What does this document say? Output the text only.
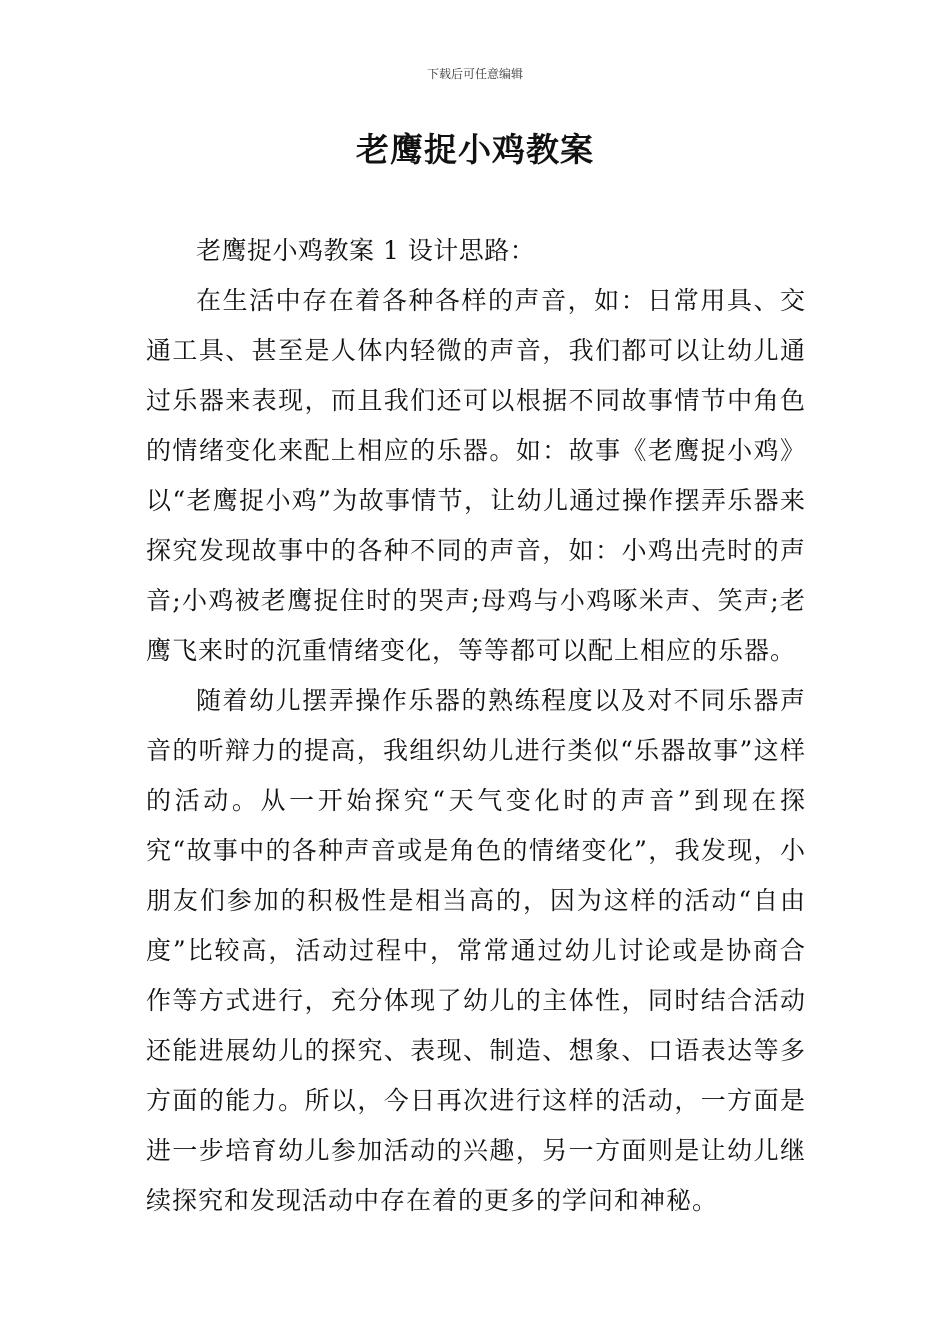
下载后可任意编辑
老鹰捉小鸡教案

老鹰捉小鸡教案 1 设计思路：

在生活中存在着各种各样的声音，如：日常用具、交通工具、甚至是人体内轻微的声音，我们都可以让幼儿通过乐器来表现，而且我们还可以根据不同故事情节中角色的情绪变化来配上相应的乐器。如：故事《老鹰捉小鸡》以“老鹰捉小鸡”为故事情节，让幼儿通过操作摆弄乐器来探究发现故事中的各种不同的声音，如：小鸡出壳时的声音;小鸡被老鹰捉住时的哭声;母鸡与小鸡啄米声、笑声;老鹰飞来时的沉重情绪变化，等等都可以配上相应的乐器。

随着幼儿摆弄操作乐器的熟练程度以及对不同乐器声音的听辩力的提高，我组织幼儿进行类似“乐器故事”这样的活动。从一开始探究“天气变化时的声音”到现在探究“故事中的各种声音或是角色的情绪变化”，我发现，小朋友们参加的积极性是相当高的，因为这样的活动“自由度”比较高，活动过程中，常常通过幼儿讨论或是协商合作等方式进行，充分体现了幼儿的主体性，同时结合活动还能进展幼儿的探究、表现、制造、想象、口语表达等多方面的能力。所以，今日再次进行这样的活动，一方面是进一步培育幼儿参加活动的兴趣，另一方面则是让幼儿继续探究和发现活动中存在着的更多的学问和神秘。
